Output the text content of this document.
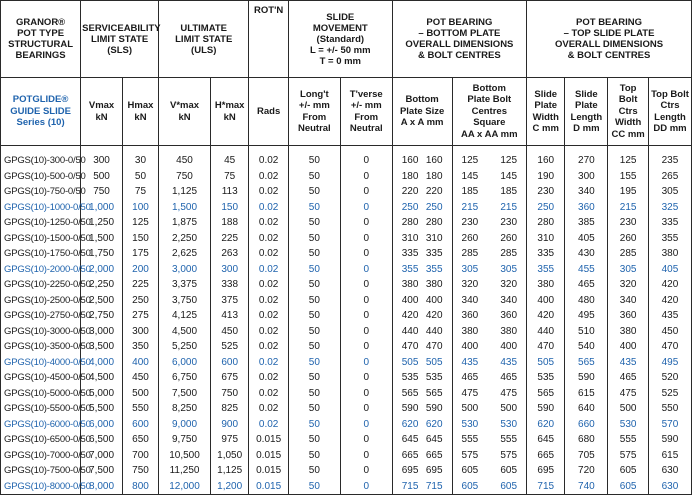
GRANOR®
POT TYPE
STRUCTURAL
BEARINGS	SERVICEABILITY
LIMIT STATE
(SLS)		ULTIMATE
LIMIT STATE
(ULS)		ROT'N	SLIDE
MOVEMENT
(Standard)
L = +/- 50 mm
T = 0 mm		POT BEARING
– BOTTOM PLATE
OVERALL DIMENSIONS
& BOLT CENTRES		POT BEARING
– TOP SLIDE PLATE
OVERALL DIMENSIONS
& BOLT CENTRES			

POTGLIDE®
GUIDE SLIDE
Series (10)	Vmax
kN	Hmax
kN	V*max
kN	H*max
kN	Rads	Long't
+/- mm
From
Neutral	T'verse
+/- mm
From
Neutral	Bottom
Plate Size
A x A mm	Bottom
Plate Bolt
Centres
Square
AA x AA mm	Slide
Plate
Width
C mm	Slide
Plate
Length
D mm	Top Bolt
Ctrs
Width
CC mm	Top Bolt
Ctrs
Length
DD mm

GPGS(10)-300-0/50	300	30	450	45	0.02	50	0	160 160	125 125	160	270	125	235
GPGS(10)-500-0/50	500	50	750	75	0.02	50	0	180 180	145 145	190	300	155	265
GPGS(10)-750-0/50	750	75	1,125	113	0.02	50	0	220 220	185 185	230	340	195	305
GPGS(10)-1000-0/50	1,000	100	1,500	150	0.02	50	0	250 250	215 215	250	360	215	325
GPGS(10)-1250-0/50	1,250	125	1,875	188	0.02	50	0	280 280	230 230	280	385	230	335
GPGS(10)-1500-0/50	1,500	150	2,250	225	0.02	50	0	310 310	260 260	310	405	260	355
GPGS(10)-1750-0/50	1,750	175	2,625	263	0.02	50	0	335 335	285 285	335	430	285	380
GPGS(10)-2000-0/50	2,000	200	3,000	300	0.02	50	0	355 355	305 305	355	455	305	405
GPGS(10)-2250-0/50	2,250	225	3,375	338	0.02	50	0	380 380	320 320	380	465	320	420
GPGS(10)-2500-0/50	2,500	250	3,750	375	0.02	50	0	400 400	340 340	400	480	340	420
GPGS(10)-2750-0/50	2,750	275	4,125	413	0.02	50	0	420 420	360 360	420	495	360	435
GPGS(10)-3000-0/50	3,000	300	4,500	450	0.02	50	0	440 440	380 380	440	510	380	450
GPGS(10)-3500-0/50	3,500	350	5,250	525	0.02	50	0	470 470	400 400	470	540	400	470
GPGS(10)-4000-0/50	4,000	400	6,000	600	0.02	50	0	505 505	435 435	505	565	435	495
GPGS(10)-4500-0/50	4,500	450	6,750	675	0.02	50	0	535 535	465 465	535	590	465	520
GPGS(10)-5000-0/50	5,000	500	7,500	750	0.02	50	0	565 565	475 475	565	615	475	525
GPGS(10)-5500-0/50	5,500	550	8,250	825	0.02	50	0	590 590	500 500	590	640	500	550
GPGS(10)-6000-0/50	6,000	600	9,000	900	0.02	50	0	620 620	530 530	620	660	530	570
GPGS(10)-6500-0/50	6,500	650	9,750	975	0.015	50	0	645 645	555 555	645	680	555	590
GPGS(10)-7000-0/50	7,000	700	10,500	1,050	0.015	50	0	665 665	575 575	665	705	575	615
GPGS(10)-7500-0/50	7,500	750	11,250	1,125	0.015	50	0	695 695	605 605	695	720	605	630
GPGS(10)-8000-0/50	8,000	800	12,000	1,200	0.015	50	0	715 715	605 605	715	740	605	630
